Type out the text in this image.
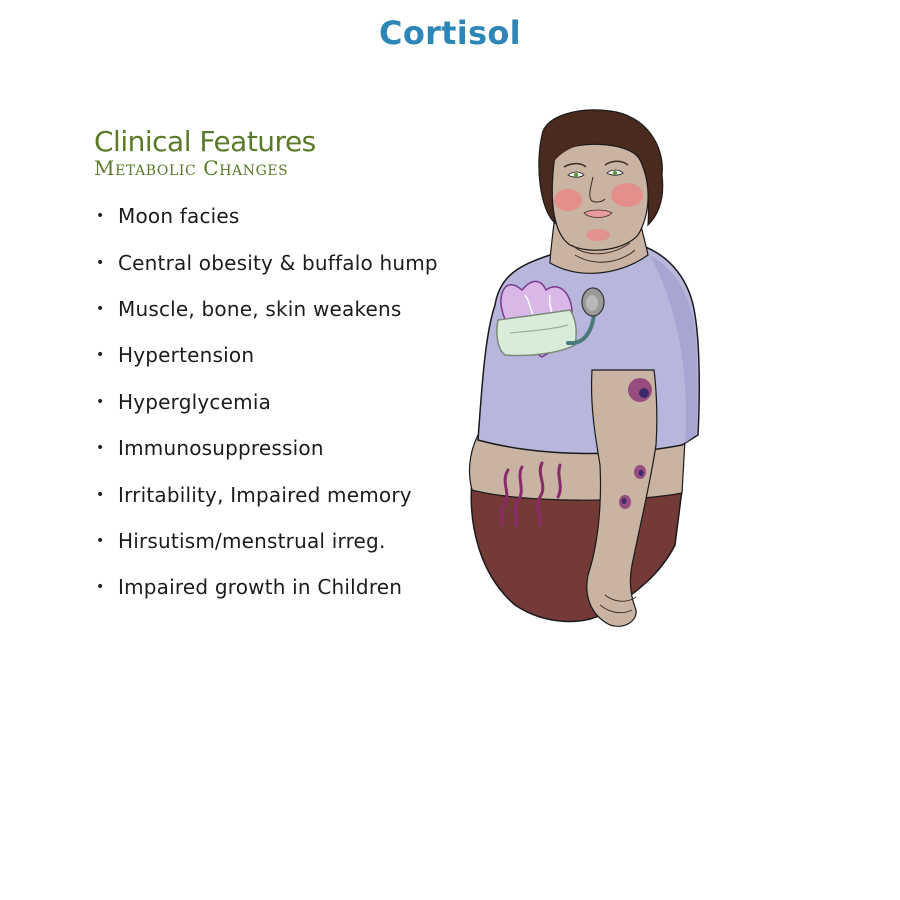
Cortisol
Clinical Features
Metabolic Changes
• Moon facies
• Central obesity & buffalo hump
• Muscle, bone, skin weakens
• Hypertension
• Hyperglycemia
• Immunosuppression
• Irritability, Impaired memory
• Hirsutism/menstrual irreg.
• Impaired growth in Children
